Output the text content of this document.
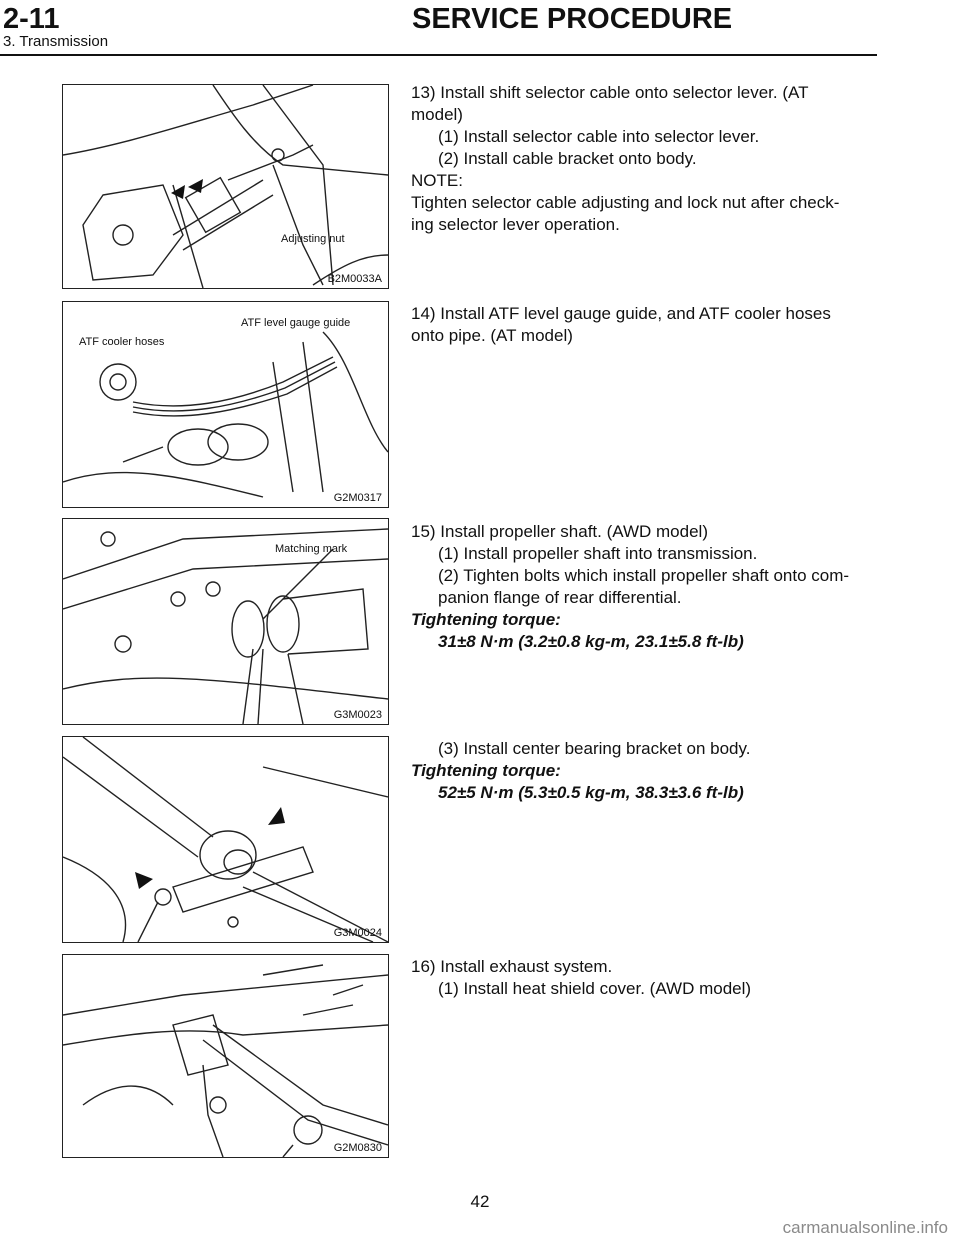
2-11	SERVICE PROCEDURE
3. Transmission
Adjusting nut
B2M0033A
ATF cooler hoses
ATF level gauge guide
G2M0317
Matching mark
G3M0023
G3M0024
G2M0830

13) Install shift selector cable onto selector lever. (AT

model)

(1) Install selector cable into selector lever.

(2) Install cable bracket onto body.

NOTE:

Tighten selector cable adjusting and lock nut after check-

ing selector lever operation.

14) Install ATF level gauge guide, and ATF cooler hoses

onto pipe. (AT model)

15) Install propeller shaft. (AWD model)

(1) Install propeller shaft into transmission.

(2) Tighten bolts which install propeller shaft onto com-

panion flange of rear differential.

Tightening torque:

31±8 N·m (3.2±0.8 kg-m, 23.1±5.8 ft-lb)

(3) Install center bearing bracket on body.

Tightening torque:

52±5 N·m (5.3±0.5 kg-m, 38.3±3.6 ft-lb)

16) Install exhaust system.

(1) Install heat shield cover. (AWD model)

42
carmanualsonline.info
